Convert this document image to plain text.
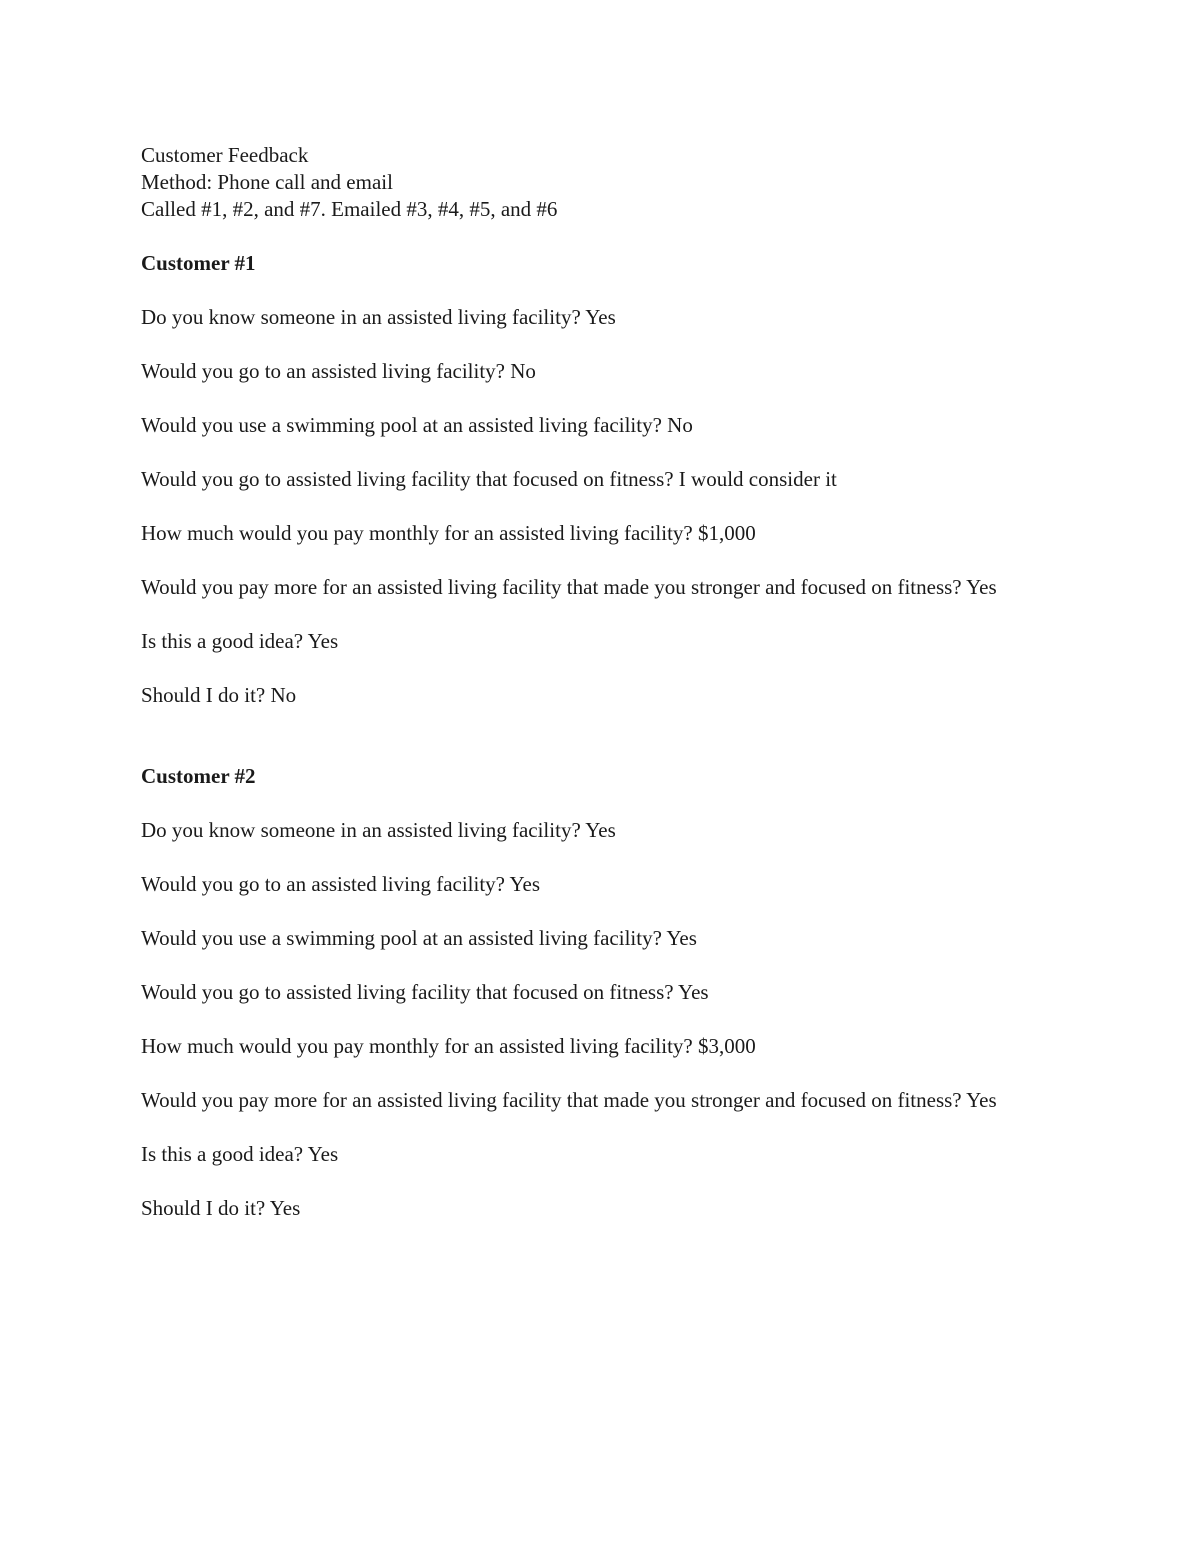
Customer Feedback

Method: Phone call and email

Called #1, #2, and #7. Emailed #3, #4, #5, and #6

Customer #1

Do you know someone in an assisted living facility? Yes

Would you go to an assisted living facility? No

Would you use a swimming pool at an assisted living facility? No

Would you go to assisted living facility that focused on fitness? I would consider it

How much would you pay monthly for an assisted living facility? $1,000

Would you pay more for an assisted living facility that made you stronger and focused on fitness? Yes

Is this a good idea? Yes

Should I do it? No

Customer #2

Do you know someone in an assisted living facility? Yes

Would you go to an assisted living facility? Yes

Would you use a swimming pool at an assisted living facility? Yes

Would you go to assisted living facility that focused on fitness? Yes

How much would you pay monthly for an assisted living facility? $3,000

Would you pay more for an assisted living facility that made you stronger and focused on fitness? Yes

Is this a good idea? Yes

Should I do it? Yes
